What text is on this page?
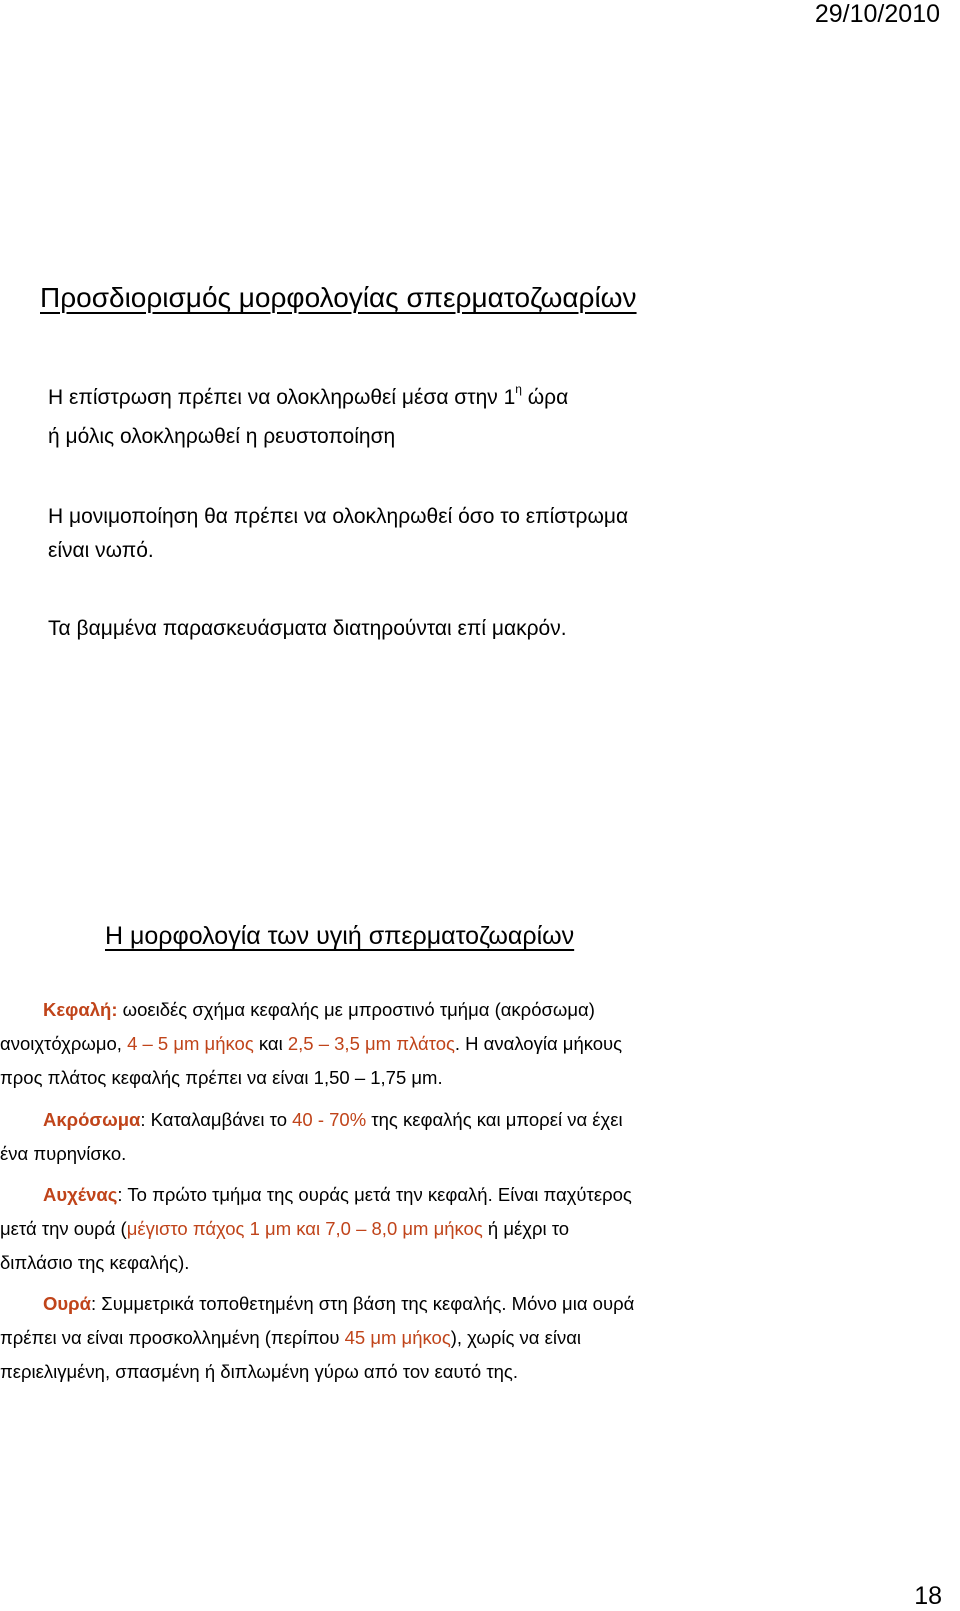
29/10/2010
Προσδιορισμός μορφολογίας σπερματοζωαρίων
Η επίστρωση πρέπει να ολοκληρωθεί μέσα στην $1^\eta$ ώρα
ή μόλις ολοκληρωθεί η ρευστοποίηση
Η μονιμοποίηση θα πρέπει να ολοκληρωθεί όσο το επίστρωμα
είναι νωπό.
Τα βαμμένα παρασκευάσματα διατηρούνται επί μακρόν.
Η μορφολογία των υγιή σπερματοζωαρίων
Κεφαλή: ωοειδές σχήμα κεφαλής με μπροστινό τμήμα (ακρόσωμα)
ανοιχτόχρωμο, 4 – 5 μm μήκος και 2,5 – 3,5 μm πλάτος. Η αναλογία μήκους
προς πλάτος κεφαλής πρέπει να είναι 1,50 – 1,75 μm.
Ακρόσωμα: Καταλαμβάνει το 40 - 70% της κεφαλής και μπορεί να έχει
ένα πυρηνίσκο.
Αυχένας: Το πρώτο τμήμα της ουράς μετά την κεφαλή. Είναι παχύτερος
μετά την ουρά (μέγιστο πάχος 1 μm και 7,0 – 8,0 μm μήκος ή μέχρι το
διπλάσιο της κεφαλής).
Ουρά: Συμμετρικά τοποθετημένη στη βάση της κεφαλής. Μόνο μια ουρά
πρέπει να είναι προσκολλημένη (περίπου 45 μm μήκος), χωρίς να είναι
περιελιγμένη, σπασμένη ή διπλωμένη γύρω από τον εαυτό της.
18
